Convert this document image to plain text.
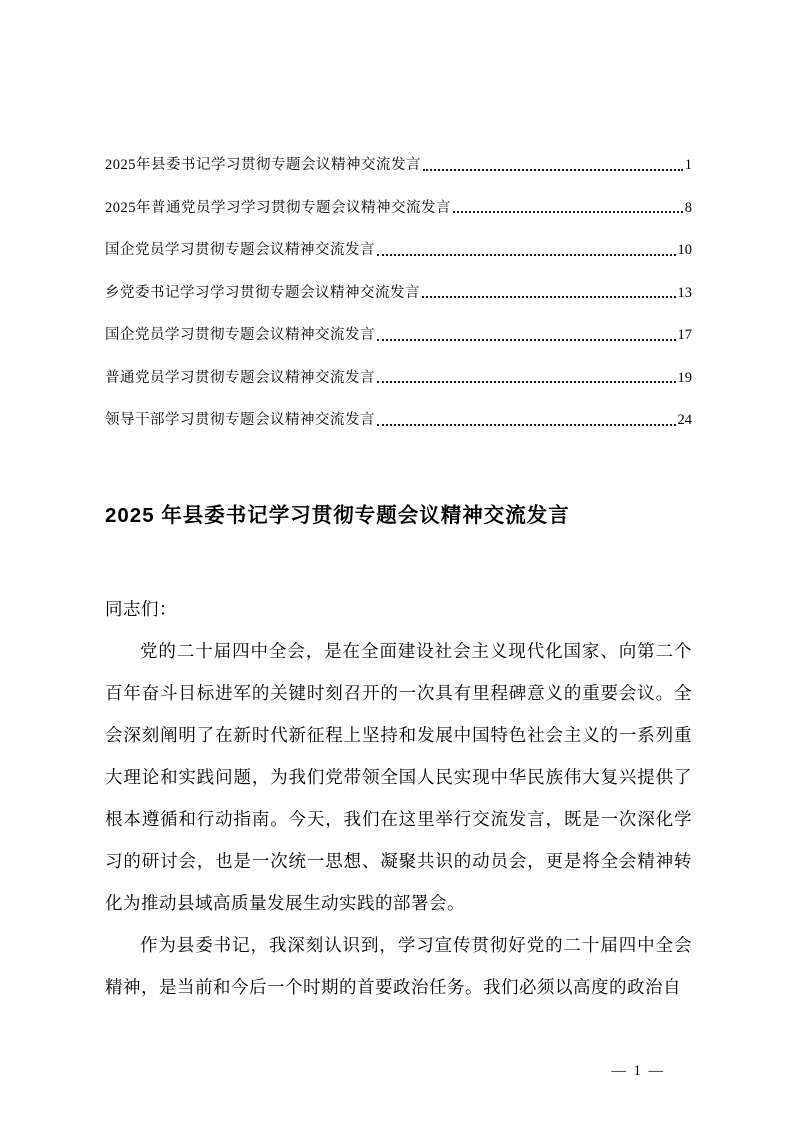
2025年县委书记学习贯彻专题会议精神交流发言	1
2025年普通党员学习学习贯彻专题会议精神交流发言	8
国企党员学习贯彻专题会议精神交流发言	10
乡党委书记学习学习贯彻专题会议精神交流发言	13
国企党员学习贯彻专题会议精神交流发言	17
普通党员学习贯彻专题会议精神交流发言	19
领导干部学习贯彻专题会议精神交流发言	24
2025 年县委书记学习贯彻专题会议精神交流发言

同志们：

党的二十届四中全会，是在全面建设社会主义现代化国家、向第二个百年奋斗目标进军的关键时刻召开的一次具有里程碑意义的重要会议。全会深刻阐明了在新时代新征程上坚持和发展中国特色社会主义的一系列重大理论和实践问题，为我们党带领全国人民实现中华民族伟大复兴提供了根本遵循和行动指南。今天，我们在这里举行交流发言，既是一次深化学习的研讨会，也是一次统一思想、凝聚共识的动员会，更是将全会精神转化为推动县域高质量发展生动实践的部署会。

作为县委书记，我深刻认识到，学习宣传贯彻好党的二十届四中全会精神，是当前和今后一个时期的首要政治任务。我们必须以高度的政治自

— 1 —
